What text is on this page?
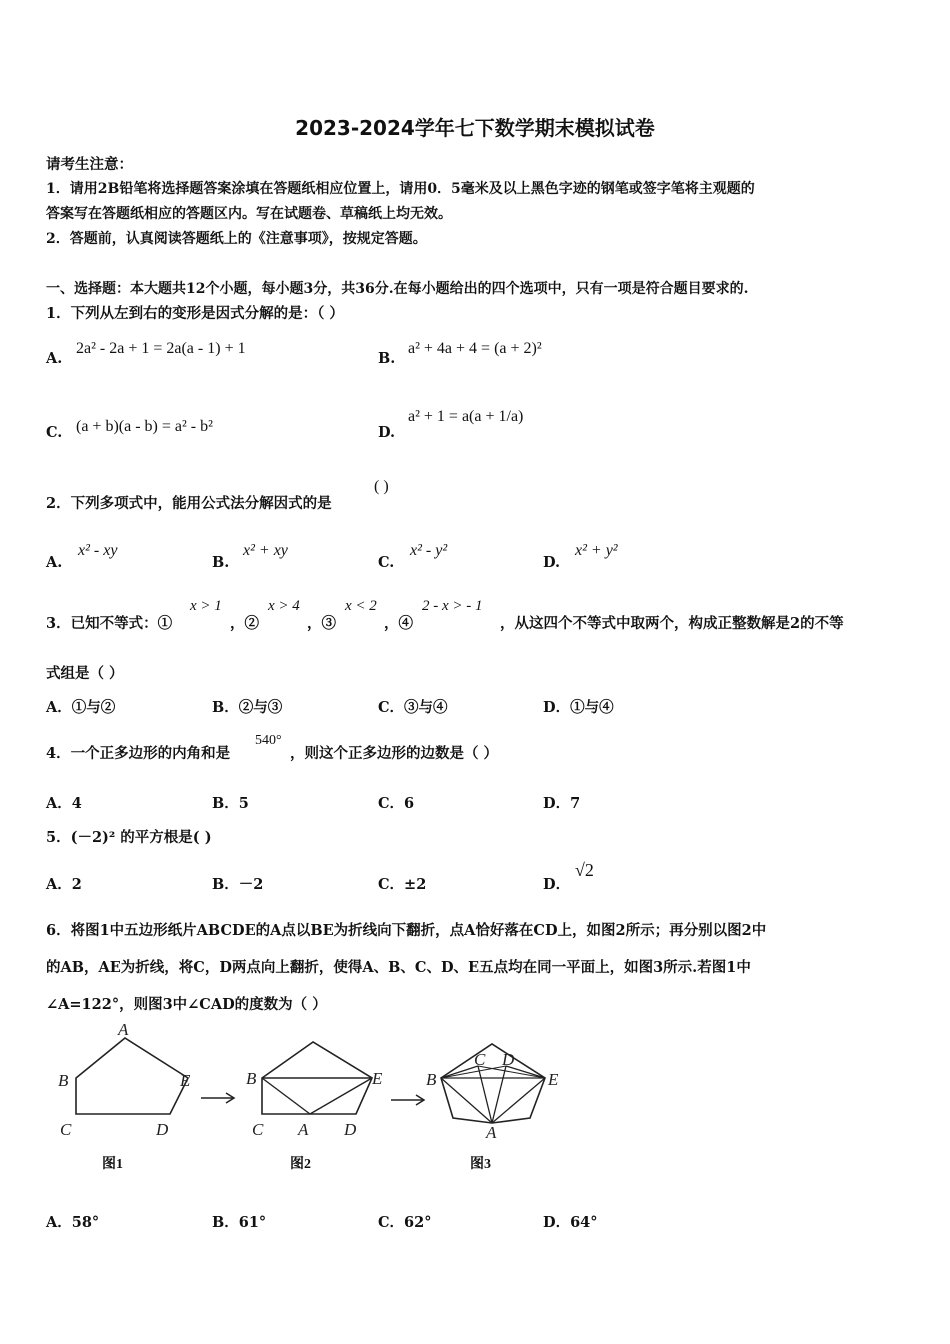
2023-2024学年七下数学期末模拟试卷
请考生注意：
1．请用2B铅笔将选择题答案涂填在答题纸相应位置上，请用0．5毫米及以上黑色字迹的钢笔或签字笔将主观题的
答案写在答题纸相应的答题区内。写在试题卷、草稿纸上均无效。
2．答题前，认真阅读答题纸上的《注意事项》，按规定答题。
一、选择题：本大题共12个小题，每小题3分，共36分.在每小题给出的四个选项中，只有一项是符合题目要求的.
1．下列从左到右的变形是因式分解的是：（ ）
A.
2a² - 2a + 1 = 2a(a - 1) + 1
B.
a² + 4a + 4 = (a + 2)²
C. (a + b)(a - b) = a² - b²	D.
a² + 1 = a(a + 1/a)
2．下列多项式中，能用公式法分解因式的是
( )
A.
x² - xy
B.
x² + xy
C.
x² - y²
D.
x² + y²
3．已知不等式：①
x > 1
，②
x > 4
，③
x < 2
，④
2 - x > - 1
，从这四个不等式中取两个，构成正整数解是2的不等
式组是（ ）
A．①与②	B．②与③	C．③与④	D．①与④
4．一个正多边形的内角和是
540°
，则这个正多边形的边数是（ ）
A．4	B．5	C．6	D．7
5．(－2)² 的平方根是( )
A．2	B．－2	C．±2	D．
√2
6．将图1中五边形纸片ABCDE的A点以BE为折线向下翻折，点A恰好落在CD上，如图2所示；再分别以图2中
的AB，AE为折线，将C，D两点向上翻折，使得A、B、C、D、E五点均在同一平面上，如图3所示.若图1中
∠A=122°，则图3中∠CAD的度数为（ ）
A
B
C	D
E	B	E
C A D
B
C D
E
A
图1	图2	图3
A．58°	B．61°	C．62°	D．64°
